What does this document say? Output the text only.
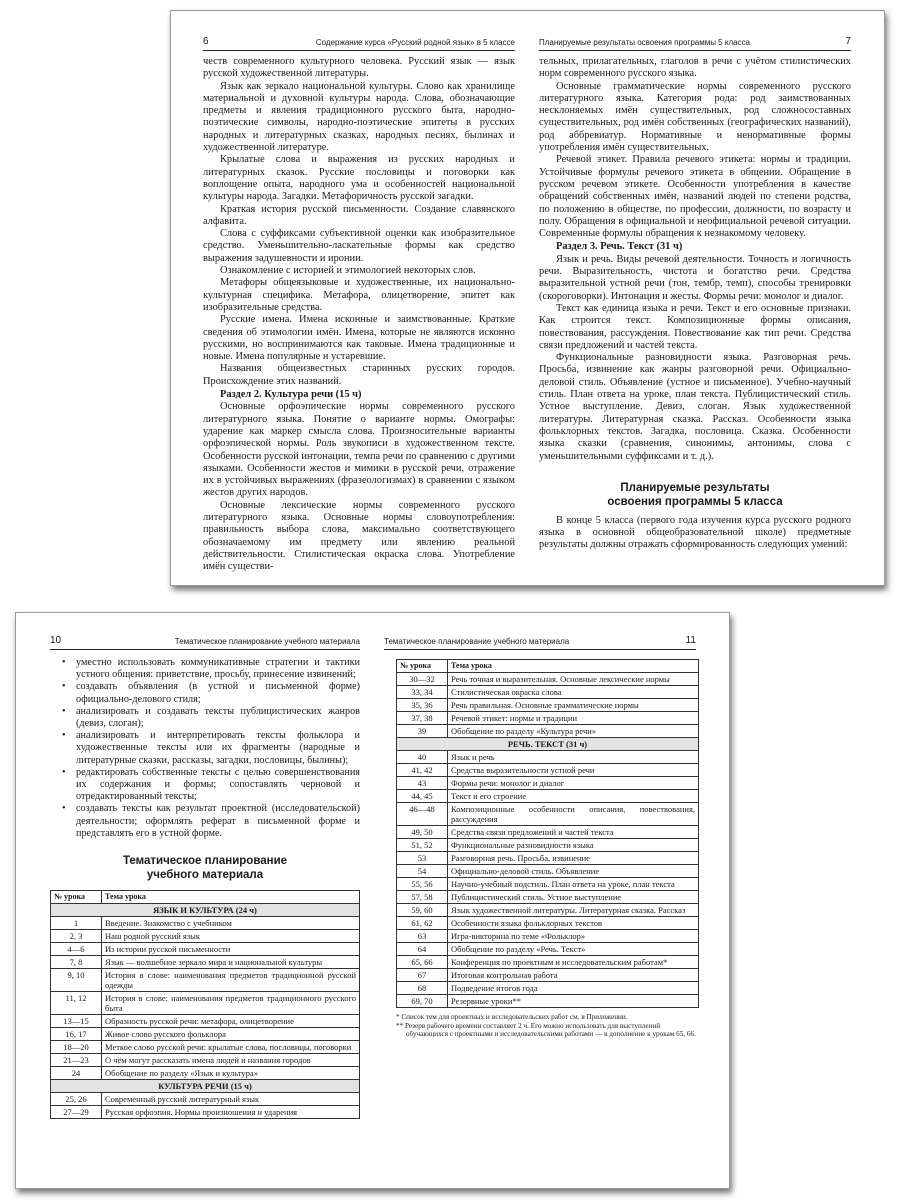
6	Содержание курса «Русский родной язык» в 5 классе

честв современного культурного человека. Русский язык — язык русской художественной литературы.

Язык как зеркало национальной культуры. Слово как хранилище материальной и духовной культуры народа. Слова, обозначающие предметы и явления традиционного русского быта, народно-поэтические символы, народно-поэтические эпитеты в русских народных и литературных сказках, народных песнях, былинах и художественной литературе.

Крылатые слова и выражения из русских народных и литературных сказок. Русские пословицы и поговорки как воплощение опыта, народного ума и особенностей национальной культуры народа. Загадки. Метафоричность русской загадки.

Краткая история русской письменности. Создание славянского алфавита.

Слова с суффиксами субъективной оценки как изобразительное средство. Уменьшительно-ласкательные формы как средство выражения задушевности и иронии.

Ознакомление с историей и этимологией некоторых слов.

Метафоры общеязыковые и художественные, их национально-культурная специфика. Метафора, олицетворение, эпитет как изобразительные средства.

Русские имена. Имена исконные и заимствованные. Краткие сведения об этимологии имён. Имена, которые не являются исконно русскими, но воспринимаются как таковые. Имена традиционные и новые. Имена популярные и устаревшие.

Названия общеизвестных старинных русских городов. Происхождение этих названий.

Раздел 2. Культура речи (15 ч)

Основные орфоэпические нормы современного русского литературного языка. Понятие о варианте нормы. Омографы: ударение как маркер смысла слова. Произносительные варианты орфоэпической нормы. Роль звукописи в художественном тексте. Особенности русской интонации, темпа речи по сравнению с другими языками. Особенности жестов и мимики в русской речи, отражение их в устойчивых выражениях (фразеологизмах) в сравнении с языком жестов других народов.

Основные лексические нормы современного русского литературного языка. Основные нормы словоупотребления: правильность выбора слова, максимально соответствующего обозначаемому им предмету или явлению реальной действительности. Стилистическая окраска слова. Употребление имён существи-

Планируемые результаты освоения программы 5 класса	7

тельных, прилагательных, глаголов в речи с учётом стилистических норм современного русского языка.

Основные грамматические нормы современного русского литературного языка. Категория рода: род заимствованных несклоняемых имён существительных, род сложносоставных существительных, род имён собственных (географических названий), род аббревиатур. Нормативные и ненормативные формы употребления имён существительных.

Речевой этикет. Правила речевого этикета: нормы и традиции. Устойчивые формулы речевого этикета в общении. Обращение в русском речевом этикете. Особенности употребления в качестве обращений собственных имён, названий людей по степени родства, по положению в обществе, по профессии, должности, по возрасту и полу. Обращения в официальной и неофициальной речевой ситуации. Современные формулы обращения к незнакомому человеку.

Раздел 3. Речь. Текст (31 ч)

Язык и речь. Виды речевой деятельности. Точность и логичность речи. Выразительность, чистота и богатство речи. Средства выразительной устной речи (тон, тембр, темп), способы тренировки (скороговорки). Интонация и жесты. Формы речи: монолог и диалог.

Текст как единица языка и речи. Текст и его основные признаки. Как строится текст. Композиционные формы описания, повествования, рассуждения. Повествование как тип речи. Средства связи предложений и частей текста.

Функциональные разновидности языка. Разговорная речь. Просьба, извинение как жанры разговорной речи. Официально-деловой стиль. Объявление (устное и письменное). Учебно-научный стиль. План ответа на уроке, план текста. Публицистический стиль. Устное выступление. Девиз, слоган. Язык художественной литературы. Литературная сказка. Рассказ. Особенности языка фольклорных текстов. Загадка, пословица. Сказка. Особенности языка сказки (сравнения, синонимы, антонимы, слова с уменьшительными суффиксами и т. д.).

Планируемые результаты
освоения программы 5 класса

В конце 5 класса (первого года изучения курса русского родного языка в основной общеобразовательной школе) предметные результаты должны отражать сформированность следующих умений:

10	Тематическое планирование учебного материала
• уместно использовать коммуникативные стратегии и тактики устного общения: приветствие, просьбу, принесение извинений;
• создавать объявления (в устной и письменной форме) официально-делового стиля;
• анализировать и создавать тексты публицистических жанров (девиз, слоган);
• анализировать и интерпретировать тексты фольклора и художественные тексты или их фрагменты (народные и литературные сказки, рассказы, загадки, пословицы, былины);
• редактировать собственные тексты с целью совершенствования их содержания и формы; сопоставлять черновой и отредактированный тексты;
• создавать тексты как результат проектной (исследовательской) деятельности; оформлять реферат в письменной форме и представлять его в устной форме.
Тематическое планирование
учебного материала
№ урока	Тема урока
ЯЗЫК И КУЛЬТУРА (24 ч)	
1	Введение. Знакомство с учебником
2, 3	Наш родной русский язык
4—6	Из истории русской письменности
7, 8	Язык — волшебное зеркало мира и национальной культуры
9, 10	История в слове: наименования предметов традиционной русской одежды
11, 12	История в слове: наименования предметов традиционного русского быта
13—15	Образность русской речи: метафора, олицетворение
16, 17	Живое слово русского фольклора
18—20	Меткое слово русской речи: крылатые слова, пословицы, поговорки
21—23	О чём могут рассказать имена людей и названия городов
24	Обобщение по разделу «Язык и культура»
КУЛЬТУРА РЕЧИ (15 ч)	
25, 26	Современный русский литературный язык
27—29	Русская орфоэпия. Нормы произношения и ударения
Тематическое планирование учебного материала	11
№ урока	Тема урока
30—32	Речь точная и выразительная. Основные лексические нормы
33, 34	Стилистическая окраска слова
35, 36	Речь правильная. Основные грамматические нормы
37, 38	Речевой этикет: нормы и традиции
39	Обобщение по разделу «Культура речи»
РЕЧЬ. ТЕКСТ (31 ч)	
40	Язык и речь
41, 42	Средства выразительности устной речи
43	Формы речи: монолог и диалог
44, 45	Текст и его строение
46—48	Композиционные особенности описания, повествования, рассуждения
49, 50	Средства связи предложений и частей текста
51, 52	Функциональные разновидности языка
53	Разговорная речь. Просьба, извинение
54	Официально-деловой стиль. Объявление
55, 56	Научно-учебный подстиль. План ответа на уроке, план текста
57, 58	Публицистический стиль. Устное выступление
59, 60	Язык художественной литературы. Литературная сказка. Рассказ
61, 62	Особенности языка фольклорных текстов
63	Игра-викторина по теме «Фольклор»
64	Обобщение по разделу «Речь. Текст»
65, 66	Конференция по проектным и исследовательским работам*
67	Итоговая контрольная работа
68	Подведение итогов года
69, 70	Резервные уроки**
* Список тем для проектных и исследовательских работ см. в Приложении.
** Резерв рабочего времени составляет 2 ч. Его можно использовать для выступлений обучающихся с проектными и исследовательскими работами — в дополнение к урокам 65, 66.
